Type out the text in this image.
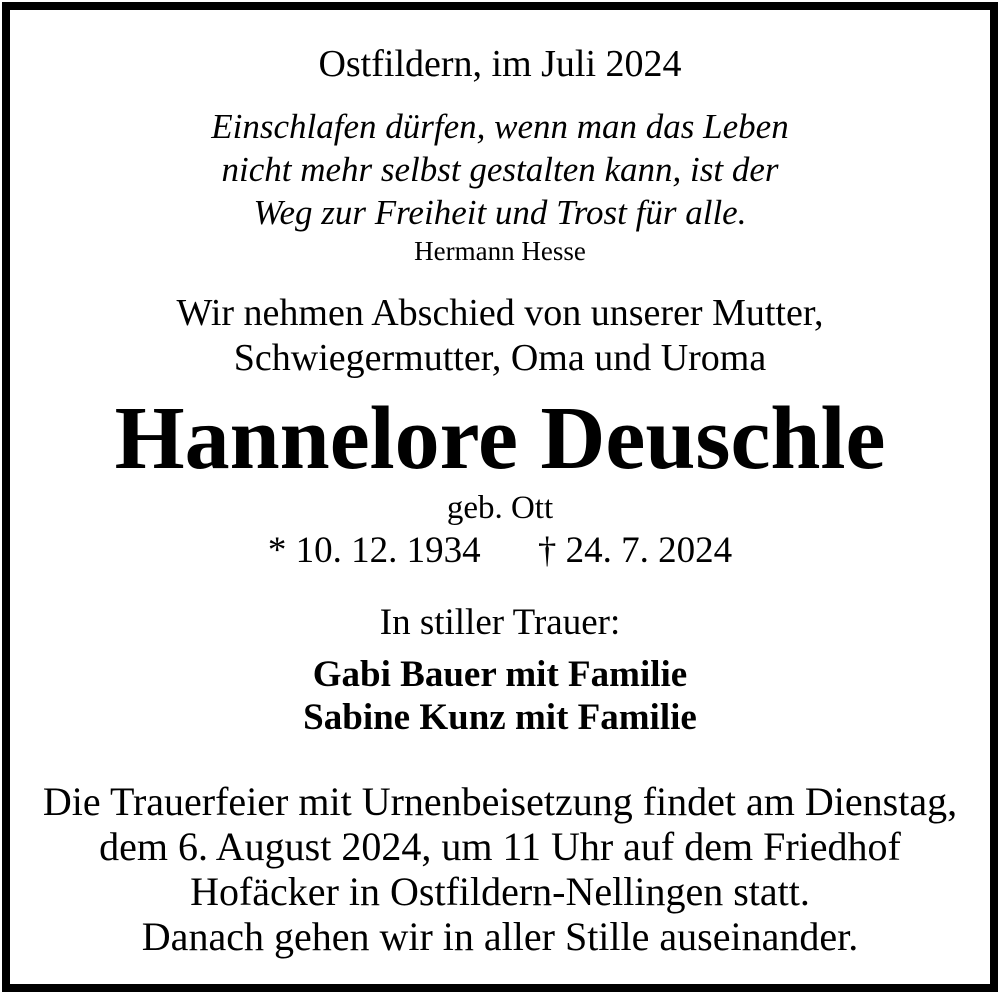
Ostfildern, im Juli 2024
Einschlafen dürfen, wenn man das Leben
nicht mehr selbst gestalten kann, ist der
Weg zur Freiheit und Trost für alle.
Hermann Hesse
Wir nehmen Abschied von unserer Mutter,
Schwiegermutter, Oma und Uroma
Hannelore Deuschle
geb. Ott
* 10. 12. 1934 † 24. 7. 2024
In stiller Trauer:
Gabi Bauer mit Familie
Sabine Kunz mit Familie
Die Trauerfeier mit Urnenbeisetzung findet am Dienstag,
dem 6. August 2024, um 11 Uhr auf dem Friedhof
Hofäcker in Ostfildern-Nellingen statt.
Danach gehen wir in aller Stille auseinander.
